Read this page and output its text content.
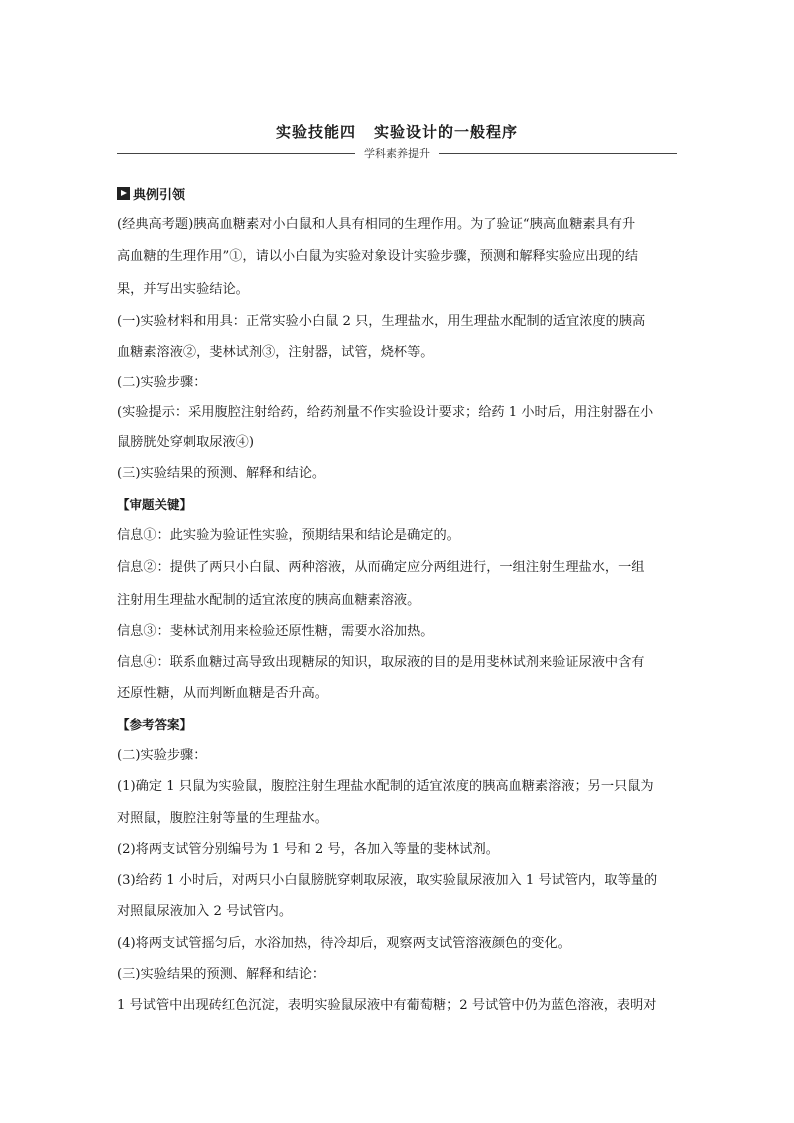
实验技能四 实验设计的一般程序
学科素养提升
典例引领
(经典高考题)胰高血糖素对小白鼠和人具有相同的生理作用。为了验证“胰高血糖素具有升
高血糖的生理作用”①，请以小白鼠为实验对象设计实验步骤，预测和解释实验应出现的结
果，并写出实验结论。
(一)实验材料和用具：正常实验小白鼠 2 只，生理盐水，用生理盐水配制的适宜浓度的胰高
血糖素溶液②，斐林试剂③，注射器，试管，烧杯等。
(二)实验步骤：
(实验提示：采用腹腔注射给药，给药剂量不作实验设计要求；给药 1 小时后，用注射器在小
鼠膀胱处穿刺取尿液④)
(三)实验结果的预测、解释和结论。
【审题关键】
信息①：此实验为验证性实验，预期结果和结论是确定的。
信息②：提供了两只小白鼠、两种溶液，从而确定应分两组进行，一组注射生理盐水，一组
注射用生理盐水配制的适宜浓度的胰高血糖素溶液。
信息③：斐林试剂用来检验还原性糖，需要水浴加热。
信息④：联系血糖过高导致出现糖尿的知识，取尿液的目的是用斐林试剂来验证尿液中含有
还原性糖，从而判断血糖是否升高。
【参考答案】
(二)实验步骤：
(1)确定 1 只鼠为实验鼠，腹腔注射生理盐水配制的适宜浓度的胰高血糖素溶液；另一只鼠为
对照鼠，腹腔注射等量的生理盐水。
(2)将两支试管分别编号为 1 号和 2 号，各加入等量的斐林试剂。
(3)给药 1 小时后，对两只小白鼠膀胱穿刺取尿液，取实验鼠尿液加入 1 号试管内，取等量的
对照鼠尿液加入 2 号试管内。
(4)将两支试管摇匀后，水浴加热，待冷却后，观察两支试管溶液颜色的变化。
(三)实验结果的预测、解释和结论：
1 号试管中出现砖红色沉淀，表明实验鼠尿液中有葡萄糖；2 号试管中仍为蓝色溶液，表明对
